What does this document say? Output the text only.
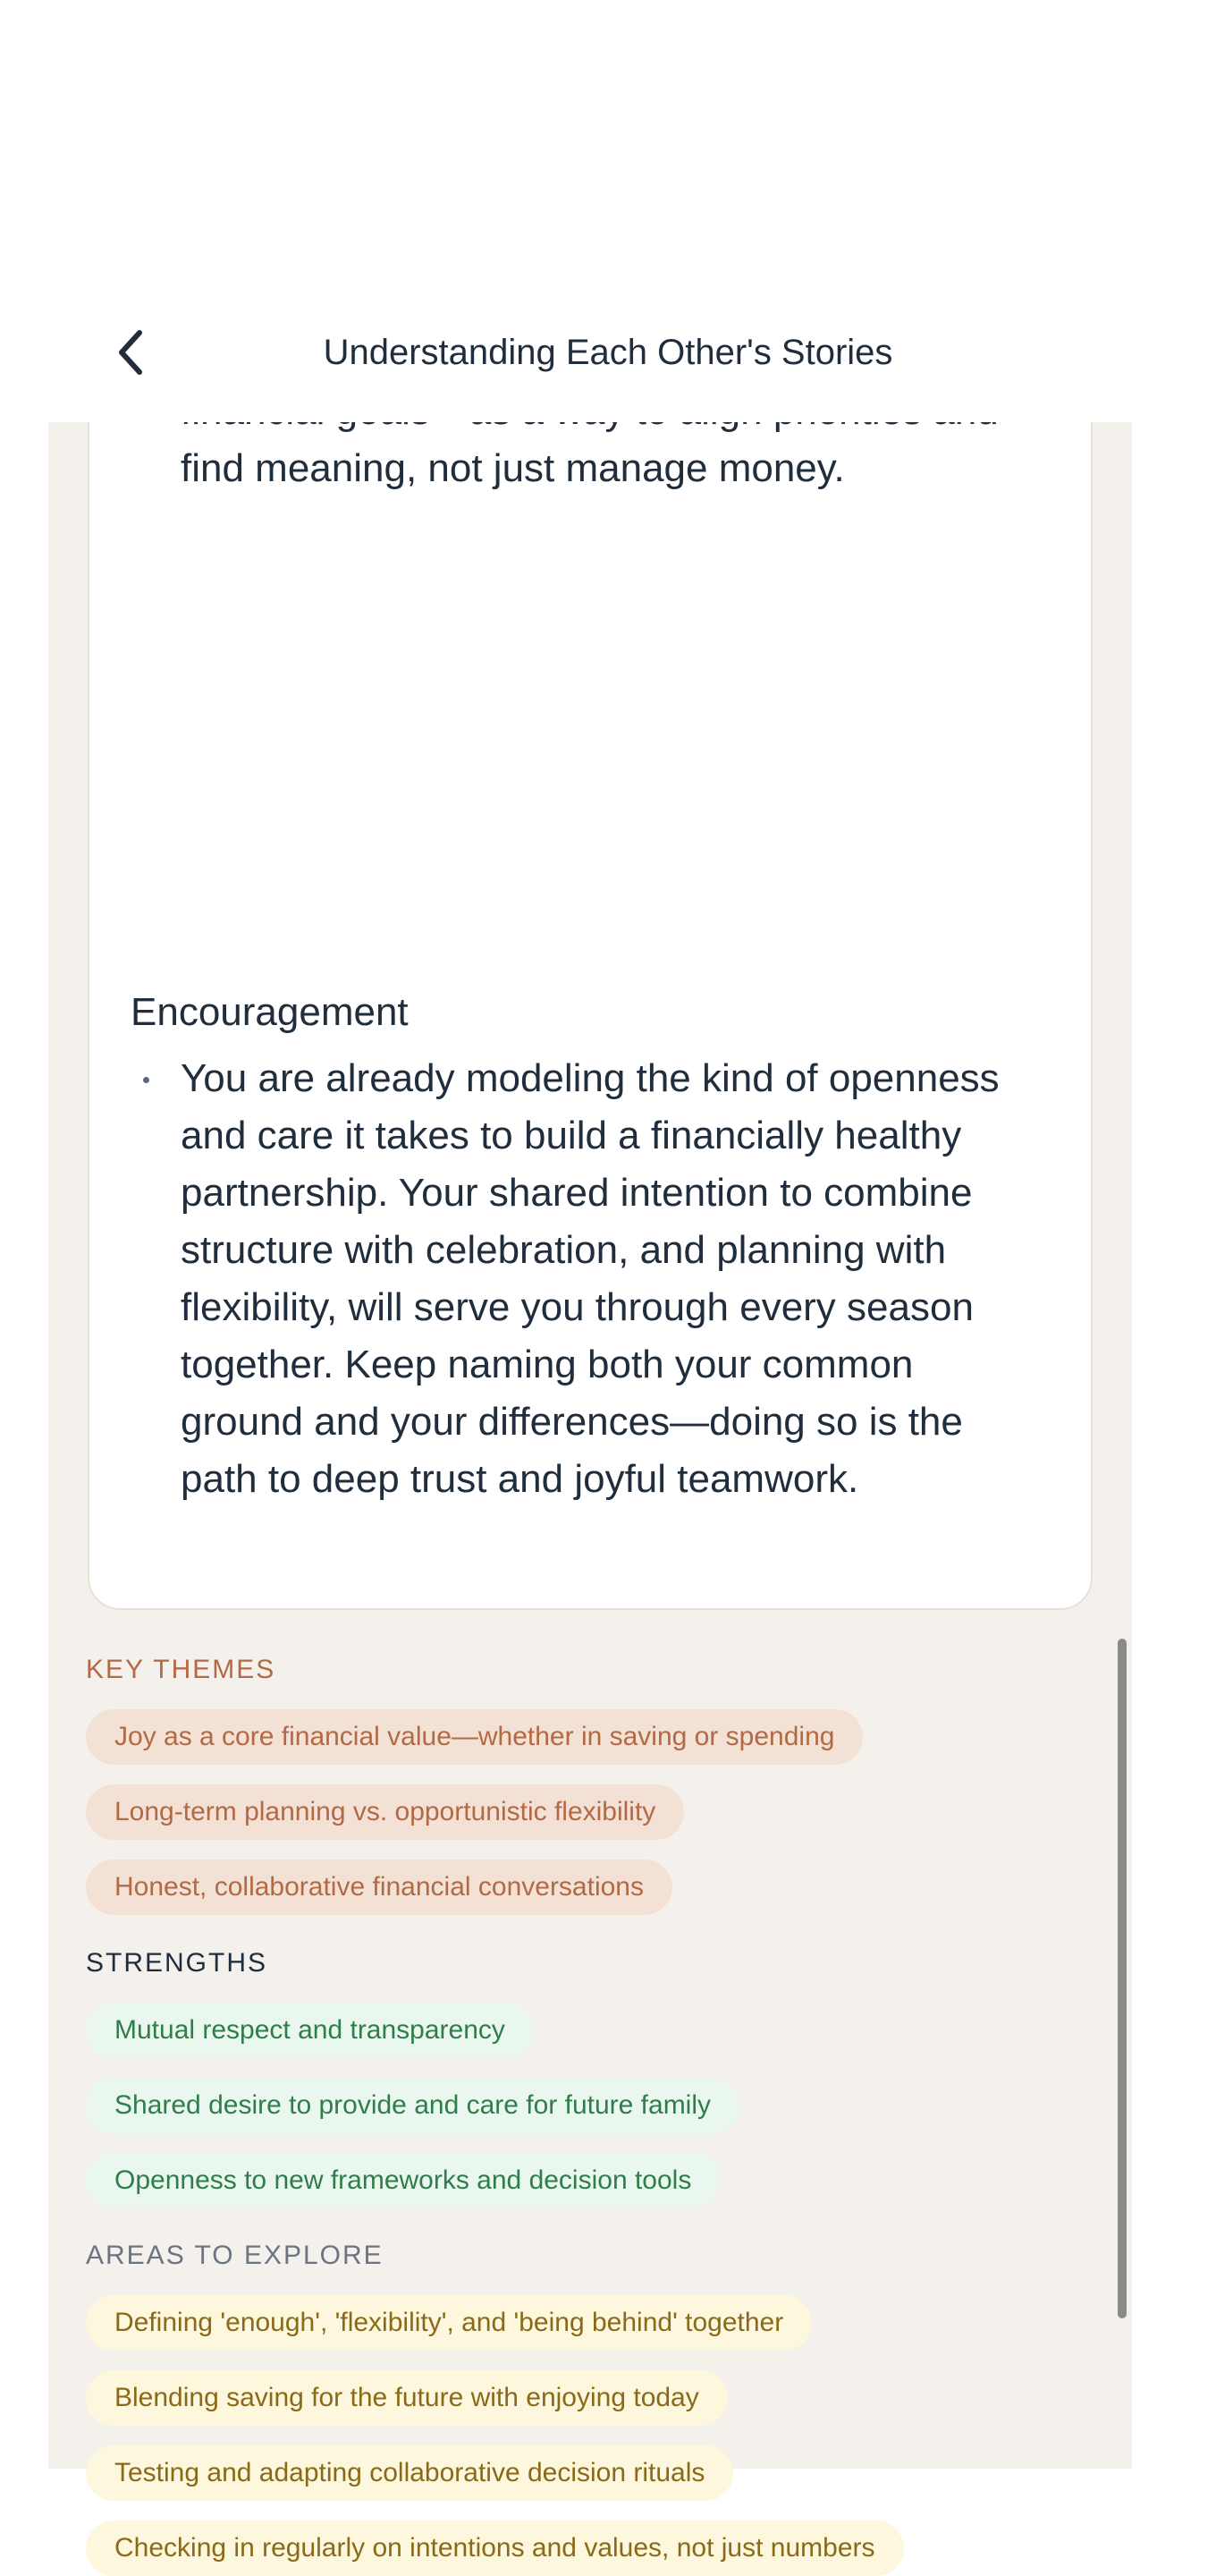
Understanding Each Other's Stories
find meaning, not just manage money.
Encouragement
You are already modeling the kind of openness
and care it takes to build a financially healthy
partnership. Your shared intention to combine
structure with celebration, and planning with
flexibility, will serve you through every season
together. Keep naming both your common
ground and your differences—doing so is the
path to deep trust and joyful teamwork.
KEY THEMES
Joy as a core financial value—whether in saving or spending
Long-term planning vs. opportunistic flexibility
Honest, collaborative financial conversations
STRENGTHS
Mutual respect and transparency
Shared desire to provide and care for future family
Openness to new frameworks and decision tools
AREAS TO EXPLORE
Defining 'enough', 'flexibility', and 'being behind' together
Blending saving for the future with enjoying today
Testing and adapting collaborative decision rituals
Checking in regularly on intentions and values, not just numbers
